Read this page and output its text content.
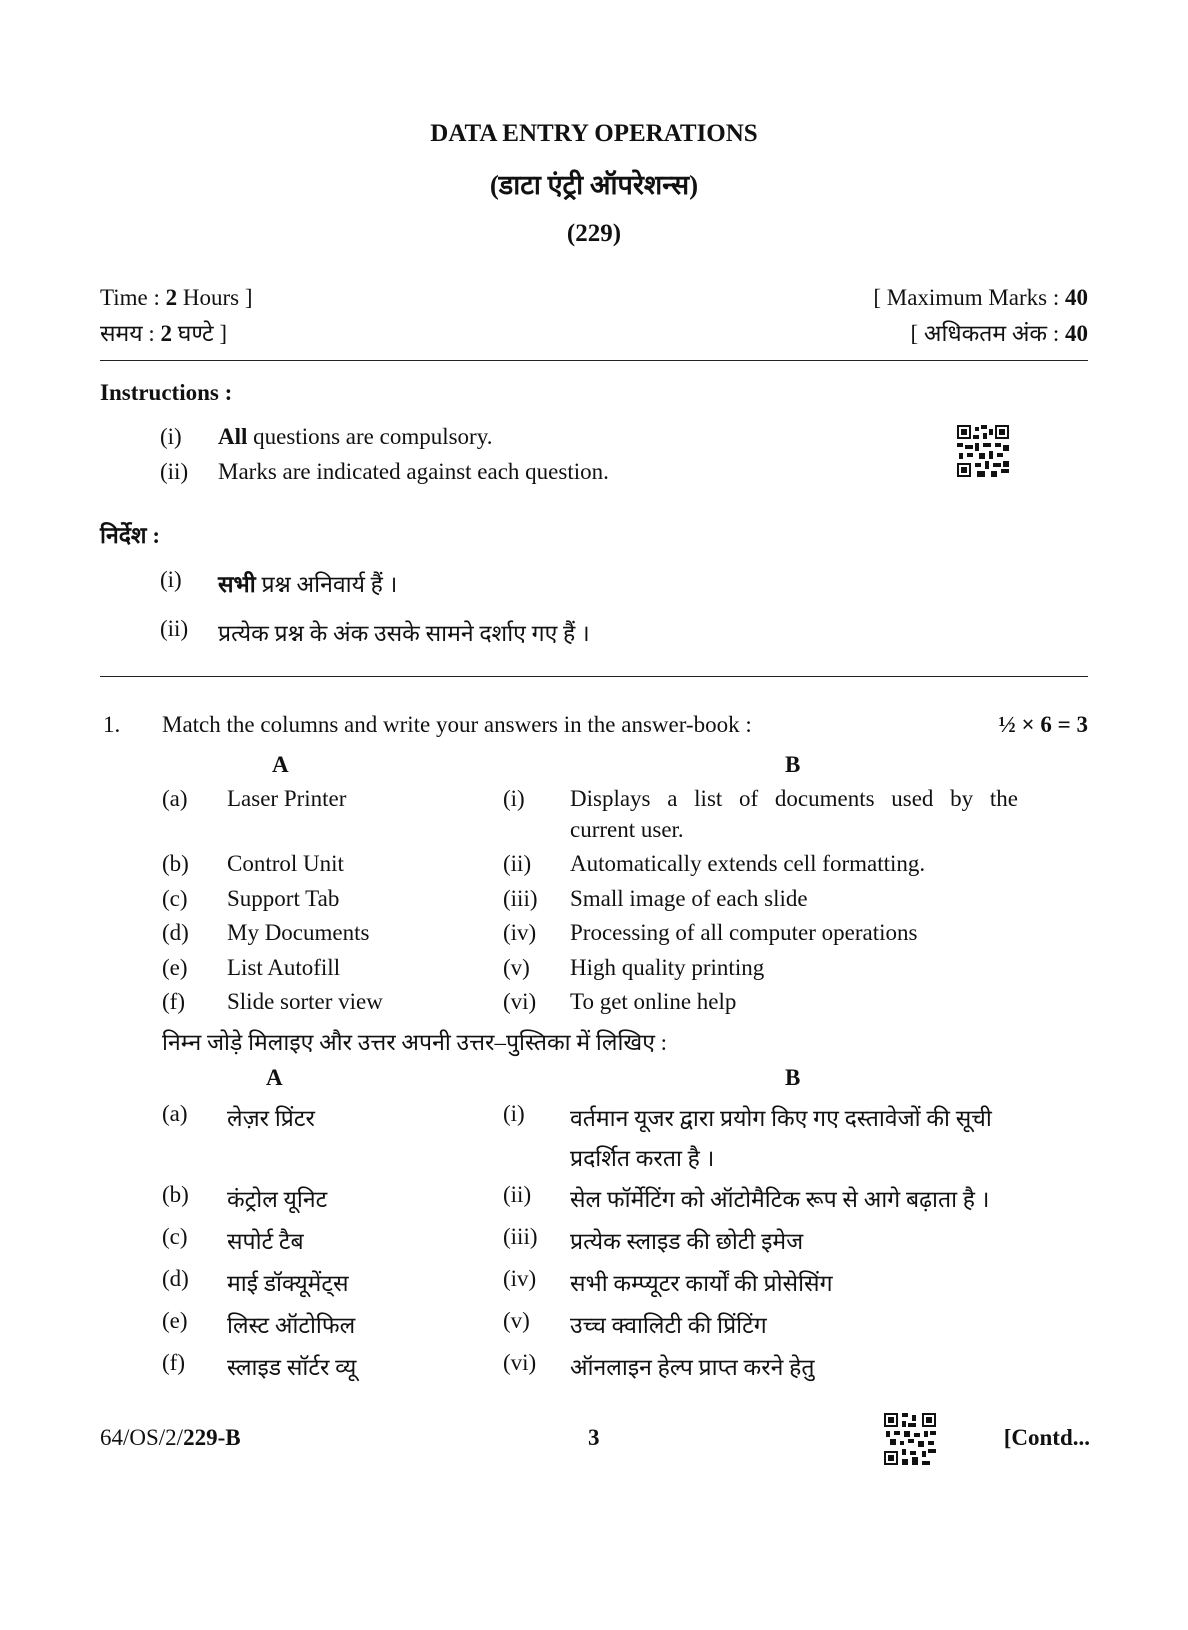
DATA ENTRY OPERATIONS
(डाटा एंट्री ऑपरेशन्स)
(229)
Time : 2 Hours ]
समय : 2 घण्टे ]
[ Maximum Marks : 40
[ अधिकतम अंक : 40
Instructions :
(i) All questions are compulsory.
(ii) Marks are indicated against each question.
निर्देश :
(i) सभी प्रश्न अनिवार्य हैं ।
(ii) प्रत्येक प्रश्न के अंक उसके सामने दर्शाए गए हैं ।
1. Match the columns and write your answers in the answer-book :	½ × 6 = 3
A	B
(a) Laser Printer	(i) Displays a list of documents used by the
current user.
(b) Control Unit	(ii) Automatically extends cell formatting.
(c) Support Tab	(iii) Small image of each slide
(d) My Documents	(iv) Processing of all computer operations
(e) List Autofill	(v) High quality printing
(f) Slide sorter view	(vi) To get online help
निम्न जोड़े मिलाइए और उत्तर अपनी उत्तर–पुस्तिका में लिखिए :
A	B
(a) लेज़र प्रिंटर	(i) वर्तमान यूजर द्वारा प्रयोग किए गए दस्तावेजों की सूची
प्रदर्शित करता है ।
(b) कंट्रोल यूनिट	(ii) सेल फॉर्मेटिंग को ऑटोमैटिक रूप से आगे बढ़ाता है ।
(c) सपोर्ट टैब	(iii) प्रत्येक स्लाइड की छोटी इमेज
(d) माई डॉक्यूमेंट्स	(iv) सभी कम्प्यूटर कार्यों की प्रोसेसिंग
(e) लिस्ट ऑटोफिल	(v) उच्च क्वालिटी की प्रिंटिंग
(f) स्लाइड सॉर्टर व्यू	(vi) ऑनलाइन हेल्प प्राप्त करने हेतु
64/OS/2/229-B	3	[Contd...
